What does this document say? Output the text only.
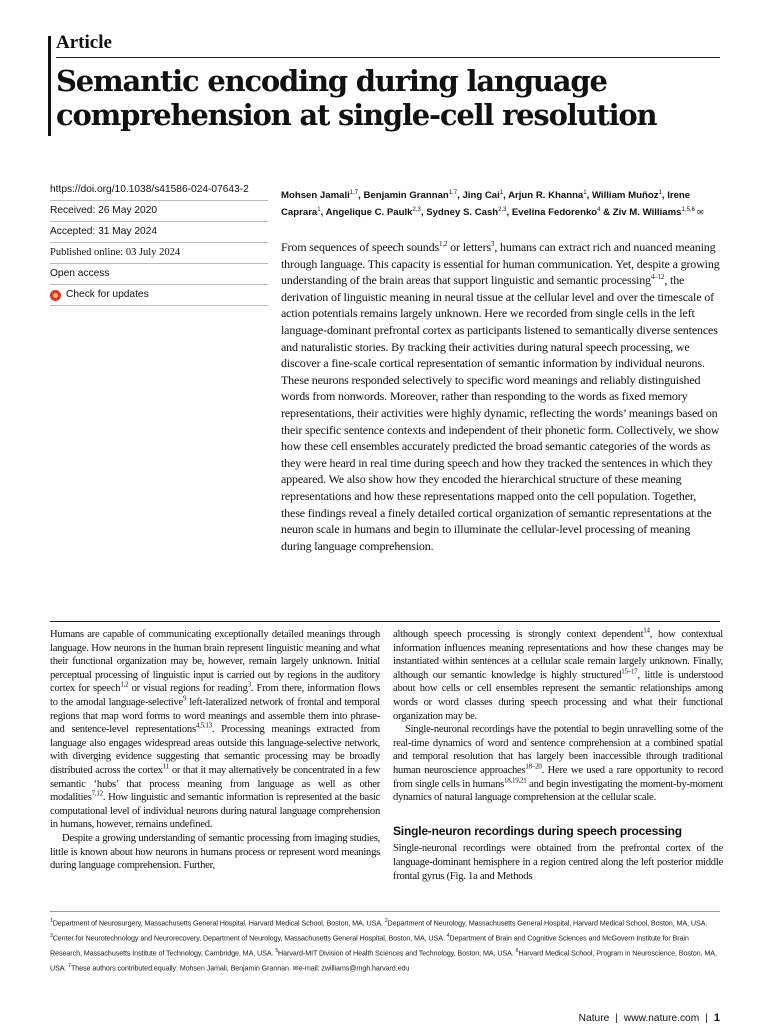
Article
Semantic encoding during language comprehension at single-cell resolution
https://doi.org/10.1038/s41586-024-07643-2
Received: 26 May 2020
Accepted: 31 May 2024
Published online: 03 July 2024
Open access
Check for updates
Mohsen Jamali$^{1,7}$, Benjamin Grannan$^{1,7}$, Jing Cai$^1$, Arjun R. Khanna$^1$, William Muñoz$^1$, Irene Caprara$^1$, Angelique C. Paulk$^{2,3}$, Sydney S. Cash$^{2,3}$, Evelina Fedorenko$^4$ & Ziv M. Williams$^{1,5,6}$ ✉

From sequences of speech sounds$^{1,2}$ or letters$^3$, humans can extract rich and nuanced meaning through language. This capacity is essential for human communication. Yet, despite a growing understanding of the brain areas that support linguistic and semantic processing$^{4-12}$, the derivation of linguistic meaning in neural tissue at the cellular level and over the timescale of action potentials remains largely unknown. Here we recorded from single cells in the left language-dominant prefrontal cortex as participants listened to semantically diverse sentences and naturalistic stories. By tracking their activities during natural speech processing, we discover a fine-scale cortical representation of semantic information by individual neurons. These neurons responded selectively to specific word meanings and reliably distinguished words from nonwords. Moreover, rather than responding to the words as fixed memory representations, their activities were highly dynamic, reflecting the words’ meanings based on their specific sentence contexts and independent of their phonetic form. Collectively, we show how these cell ensembles accurately predicted the broad semantic categories of the words as they were heard in real time during speech and how they tracked the sentences in which they appeared. We also show how they encoded the hierarchical structure of these meaning representations and how these representations mapped onto the cell population. Together, these findings reveal a finely detailed cortical organization of semantic representations at the neuron scale in humans and begin to illuminate the cellular-level processing of meaning during language comprehension.

Humans are capable of communicating exceptionally detailed meanings through language. How neurons in the human brain represent linguistic meaning and what their functional organization may be, however, remain largely unknown. Initial perceptual processing of linguistic input is carried out by regions in the auditory cortex for speech$^{1,2}$ or visual regions for reading$^3$. From there, information flows to the amodal language-selective$^9$ left-lateralized network of frontal and temporal regions that map word forms to word meanings and assemble them into phrase- and sentence-level representations$^{4,5,13}$. Processing meanings extracted from language also engages widespread areas outside this language-selective network, with diverging evidence suggesting that semantic processing may be broadly distributed across the cortex$^{11}$ or that it may alternatively be concentrated in a few semantic ‘hubs’ that process meaning from language as well as other modalities$^{7,12}$. How linguistic and semantic information is represented at the basic computational level of individual neurons during natural language comprehension in humans, however, remains undefined.

Despite a growing understanding of semantic processing from imaging studies, little is known about how neurons in humans process or represent word meanings during language comprehension. Further,

although speech processing is strongly context dependent$^{14}$, how contextual information influences meaning representations and how these changes may be instantiated within sentences at a cellular scale remain largely unknown. Finally, although our semantic knowledge is highly structured$^{15-17}$, little is understood about how cells or cell ensembles represent the semantic relationships among words or word classes during speech processing and what their functional organization may be.

Single-neuronal recordings have the potential to begin unravelling some of the real-time dynamics of word and sentence comprehension at a combined spatial and temporal resolution that has largely been inaccessible through traditional human neuroscience approaches$^{18-20}$. Here we used a rare opportunity to record from single cells in humans$^{18,19,21}$ and begin investigating the moment-by-moment dynamics of natural language comprehension at the cellular scale.

Single-neuron recordings during speech processing

Single-neuronal recordings were obtained from the prefrontal cortex of the language-dominant hemisphere in a region centred along the left posterior middle frontal gyrus (Fig. 1a and Methods

$^1$Department of Neurosurgery, Massachusetts General Hospital, Harvard Medical School, Boston, MA, USA. $^2$Department of Neurology, Massachusetts General Hospital, Harvard Medical School, Boston, MA, USA. $^3$Center for Neurotechnology and Neurorecovery, Department of Neurology, Massachusetts General Hospital, Boston, MA, USA. $^4$Department of Brain and Cognitive Sciences and McGovern Institute for Brain Research, Massachusetts Institute of Technology, Cambridge, MA, USA. $^5$Harvard-MIT Division of Health Sciences and Technology, Boston, MA, USA. $^6$Harvard Medical School, Program in Neuroscience, Boston, MA, USA. $^7$These authors contributed equally: Mohsen Jamali, Benjamin Grannan. ✉e-mail: zwilliams@mgh.harvard.edu
Nature | www.nature.com | 1
